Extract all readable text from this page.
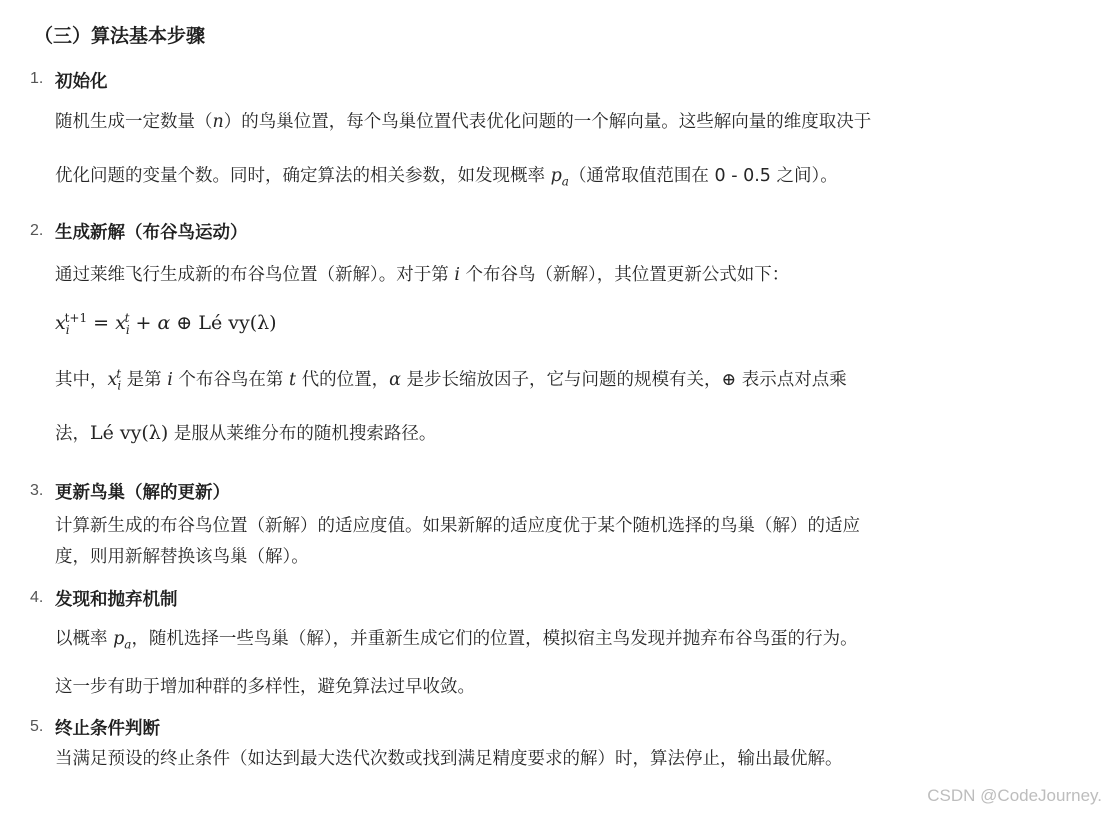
（三）算法基本步骤
1. 初始化
随机生成一定数量（n）的鸟巢位置，每个鸟巢位置代表优化问题的一个解向量。这些解向量的维度取决于
优化问题的变量个数。同时，确定算法的相关参数，如发现概率 $p_a$（通常取值范围在 0 - 0.5 之间）。
2. 生成新解（布谷鸟运动）
通过莱维飞行生成新的布谷鸟位置（新解）。对于第 i 个布谷鸟（新解），其位置更新公式如下：
$x_i^{t+1} = x_i^t + \alpha$ ⊕ Lé vy(λ)
其中，$x_i^t$ 是第 i 个布谷鸟在第 t 代的位置，α 是步长缩放因子，它与问题的规模有关，⊕ 表示点对点乘
法，Lé vy(λ) 是服从莱维分布的随机搜索路径。
3. 更新鸟巢（解的更新）
计算新生成的布谷鸟位置（新解）的适应度值。如果新解的适应度优于某个随机选择的鸟巢（解）的适应
度，则用新解替换该鸟巢（解）。
4. 发现和抛弃机制
以概率 $p_a$，随机选择一些鸟巢（解），并重新生成它们的位置，模拟宿主鸟发现并抛弃布谷鸟蛋的行为。
这一步有助于增加种群的多样性，避免算法过早收敛。
5. 终止条件判断
当满足预设的终止条件（如达到最大迭代次数或找到满足精度要求的解）时，算法停止，输出最优解。
CSDN @CodeJourney.
